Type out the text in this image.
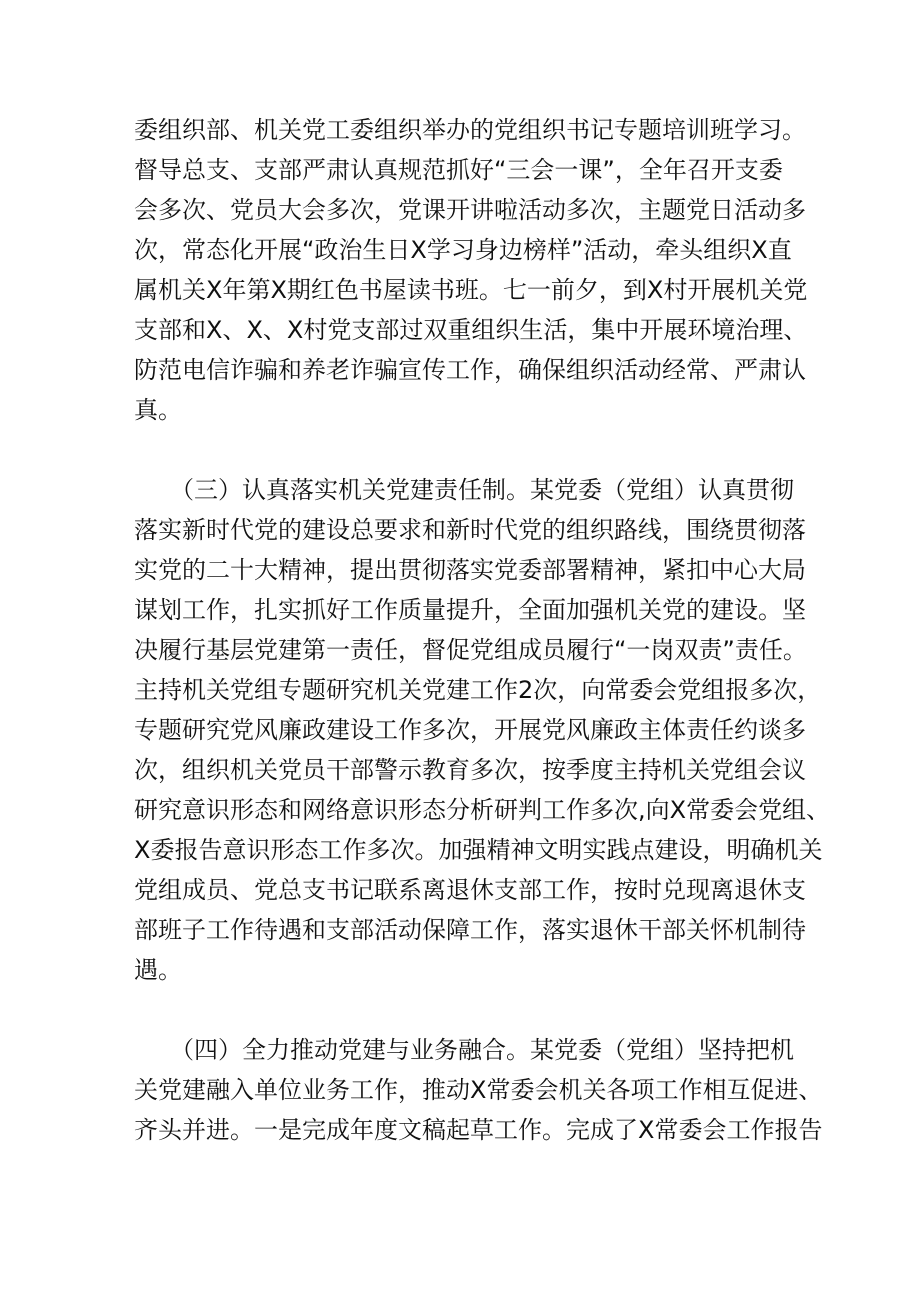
委组织部、机关党工委组织举办的党组织书记专题培训班学习。
督导总支、支部严肃认真规范抓好“三会一课”，全年召开支委
会多次、党员大会多次，党课开讲啦活动多次，主题党日活动多
次，常态化开展“政治生日X学习身边榜样”活动，牵头组织X直
属机关X年第X期红色书屋读书班。七一前夕，到X村开展机关党
支部和X、X、X村党支部过双重组织生活，集中开展环境治理、
防范电信诈骗和养老诈骗宣传工作，确保组织活动经常、严肃认
真。
　　（三）认真落实机关党建责任制。某党委（党组）认真贯彻
落实新时代党的建设总要求和新时代党的组织路线，围绕贯彻落
实党的二十大精神，提出贯彻落实党委部署精神，紧扣中心大局
谋划工作，扎实抓好工作质量提升，全面加强机关党的建设。坚
决履行基层党建第一责任，督促党组成员履行“一岗双责”责任。
主持机关党组专题研究机关党建工作2次，向常委会党组报多次，
专题研究党风廉政建设工作多次，开展党风廉政主体责任约谈多
次，组织机关党员干部警示教育多次，按季度主持机关党组会议
研究意识形态和网络意识形态分析研判工作多次,向X常委会党组、
X委报告意识形态工作多次。加强精神文明实践点建设，明确机关
党组成员、党总支书记联系离退休支部工作，按时兑现离退休支
部班子工作待遇和支部活动保障工作，落实退休干部关怀机制待
遇。
　　（四）全力推动党建与业务融合。某党委（党组）坚持把机
关党建融入单位业务工作，推动X常委会机关各项工作相互促进、
齐头并进。一是完成年度文稿起草工作。完成了X常委会工作报告
